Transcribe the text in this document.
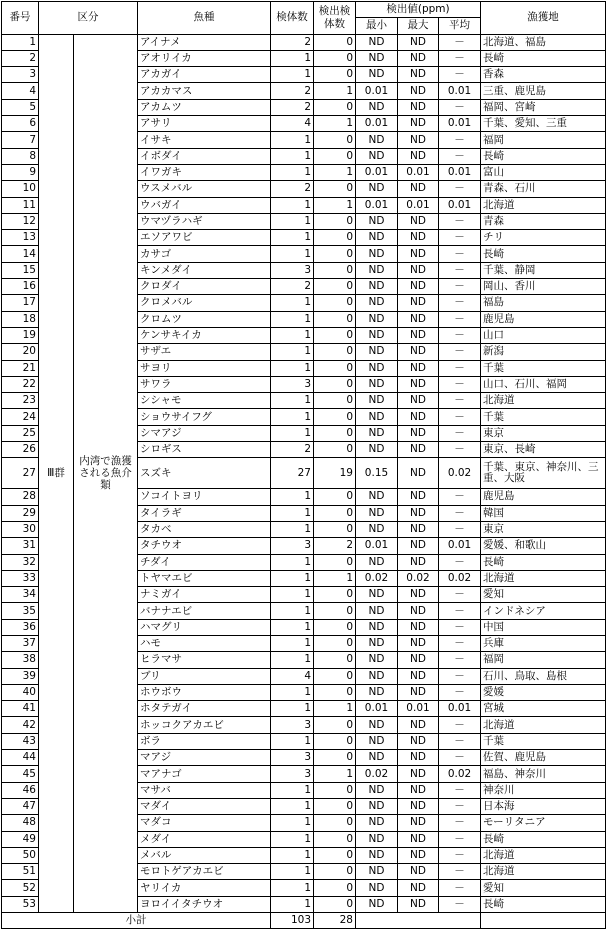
番号	区分		魚種	検体数	検出検体数	検出値(ppm)			漁獲地
						最小	最大	平均	
1	Ⅲ群	内湾で漁獲される魚介類	アイナメ	2	0	ND	ND	－	北海道、福島
2			アオリイカ	1	0	ND	ND	－	長崎
3			アカガイ	1	0	ND	ND	－	香森
4			アカカマス	2	1	0.01	ND	0.01	三重、鹿児島
5			アカムツ	2	0	ND	ND	－	福岡、宮崎
6			アサリ	4	1	0.01	ND	0.01	千葉、愛知、三重
7			イサキ	1	0	ND	ND	－	福岡
8			イボダイ	1	0	ND	ND	－	長崎
9			イワガキ	1	1	0.01	0.01	0.01	富山
10			ウスメバル	2	0	ND	ND	－	青森、石川
11			ウバガイ	1	1	0.01	0.01	0.01	北海道
12			ウマヅラハギ	1	0	ND	ND	－	青森
13			エソアワビ	1	0	ND	ND	－	チリ
14			カサゴ	1	0	ND	ND	－	長崎
15			キンメダイ	3	0	ND	ND	－	千葉、静岡
16			クロダイ	2	0	ND	ND	－	岡山、香川
17			クロメバル	1	0	ND	ND	－	福島
18			クロムツ	1	0	ND	ND	－	鹿児島
19			ケンサキイカ	1	0	ND	ND	－	山口
20			サザエ	1	0	ND	ND	－	新潟
21			サヨリ	1	0	ND	ND	－	千葉
22			サワラ	3	0	ND	ND	－	山口、石川、福岡
23			シシャモ	1	0	ND	ND	－	北海道
24			ショウサイフグ	1	0	ND	ND	－	千葉
25			シマアジ	1	0	ND	ND	－	東京
26			シロギス	2	0	ND	ND	－	東京、長崎
27			スズキ	27	19	0.15	ND	0.02	千葉、東京、神奈川、三重、大阪
28			ソコイトヨリ	1	0	ND	ND	－	鹿児島
29			タイラギ	1	0	ND	ND	－	韓国
30			タカベ	1	0	ND	ND	－	東京
31			タチウオ	3	2	0.01	ND	0.01	愛媛、和歌山
32			チダイ	1	0	ND	ND	－	長崎
33			トヤマエビ	1	1	0.02	0.02	0.02	北海道
34			ナミガイ	1	0	ND	ND	－	愛知
35			バナナエビ	1	0	ND	ND	－	インドネシア
36			ハマグリ	1	0	ND	ND	－	中国
37			ハモ	1	0	ND	ND	－	兵庫
38			ヒラマサ	1	0	ND	ND	－	福岡
39			ブリ	4	0	ND	ND	－	石川、鳥取、島根
40			ホウボウ	1	0	ND	ND	－	愛媛
41			ホタテガイ	1	1	0.01	0.01	0.01	宮城
42			ホッコクアカエビ	3	0	ND	ND	－	北海道
43			ボラ	1	0	ND	ND	－	千葉
44			マアジ	3	0	ND	ND	－	佐賀、鹿児島
45			マアナゴ	3	1	0.02	ND	0.02	福島、神奈川
46			マサバ	1	0	ND	ND	－	神奈川
47			マダイ	1	0	ND	ND	－	日本海
48			マダコ	1	0	ND	ND	－	モーリタニア
49			メダイ	1	0	ND	ND	－	長崎
50			メバル	1	0	ND	ND	－	北海道
51			モロトゲアカエビ	1	0	ND	ND	－	北海道
52			ヤリイカ	1	0	ND	ND	－	愛知
53			ヨロイイタチウオ	1	0	ND	ND	－	長崎
小計				103	28				
